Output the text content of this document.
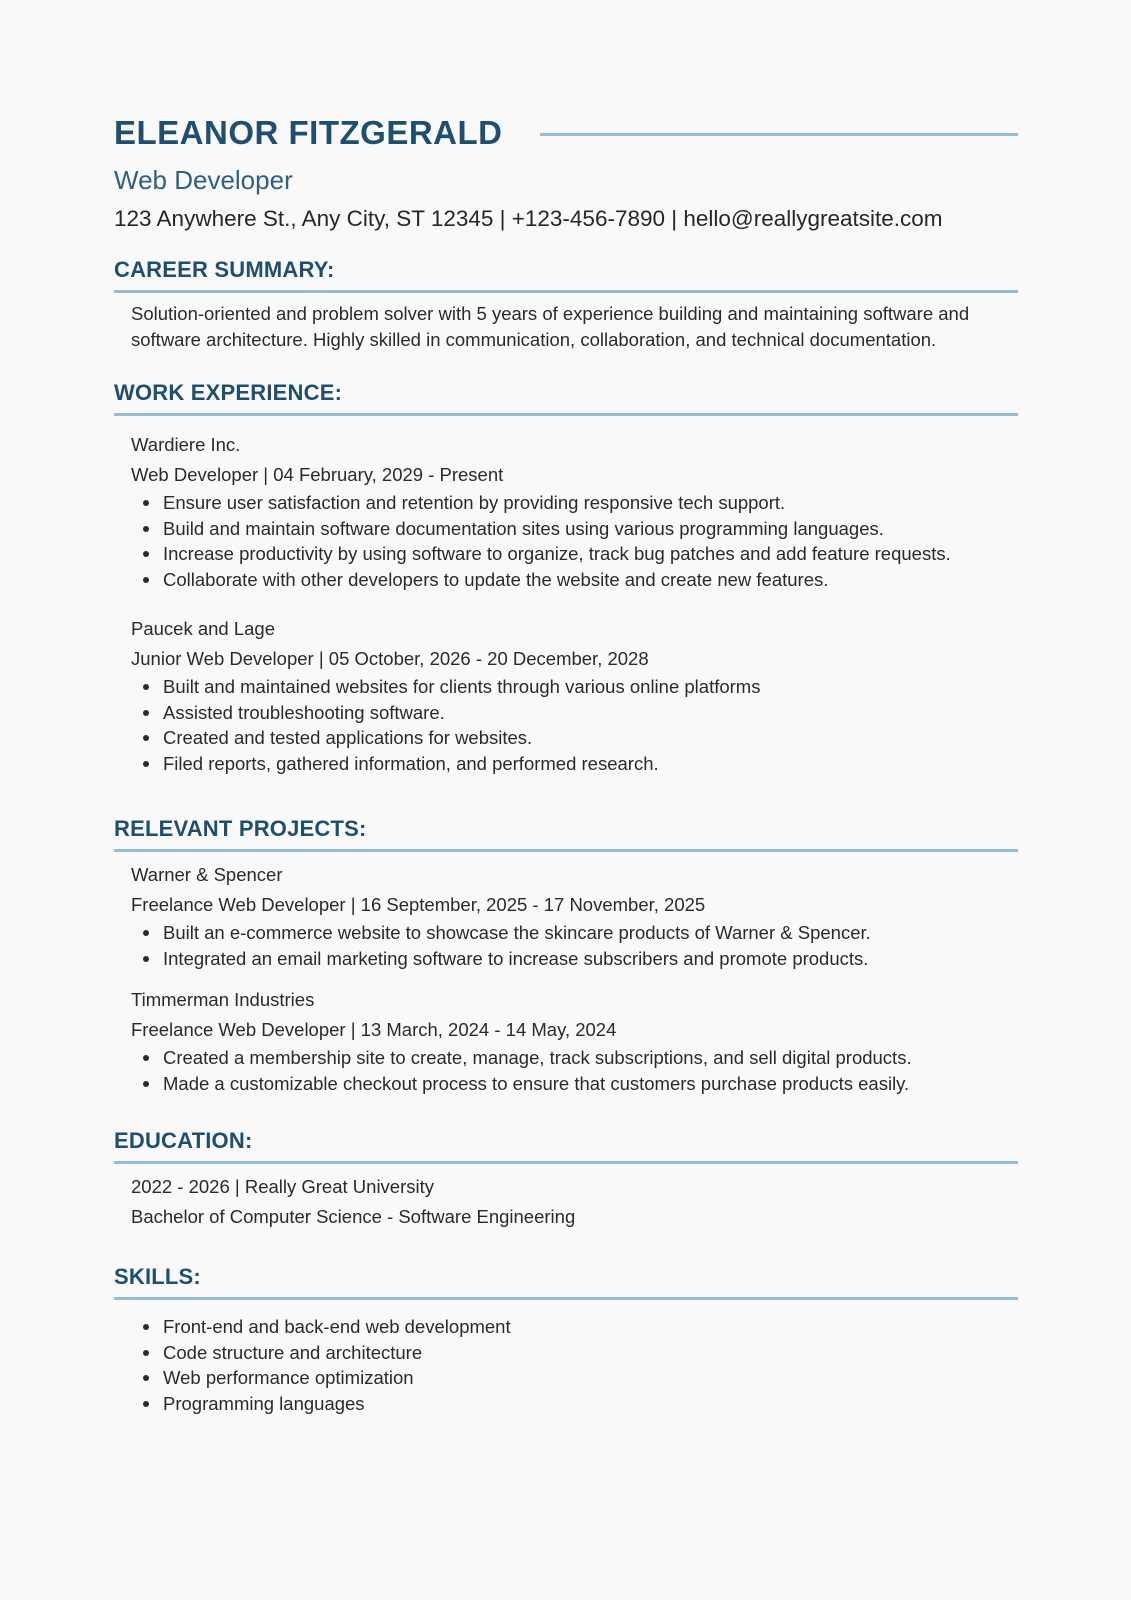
ELEANOR FITZGERALD
Web Developer
123 Anywhere St., Any City, ST 12345 | +123-456-7890 | hello@reallygreatsite.com
CAREER SUMMARY:

Solution-oriented and problem solver with 5 years of experience building and maintaining software and software architecture. Highly skilled in communication, collaboration, and technical documentation.

WORK EXPERIENCE:

Wardiere Inc.

Web Developer | 04 February, 2029 - Present

Ensure user satisfaction and retention by providing responsive tech support.
Build and maintain software documentation sites using various programming languages.
Increase productivity by using software to organize, track bug patches and add feature requests.
Collaborate with other developers to update the website and create new features.

Paucek and Lage

Junior Web Developer | 05 October, 2026 - 20 December, 2028

Built and maintained websites for clients through various online platforms
Assisted troubleshooting software.
Created and tested applications for websites.
Filed reports, gathered information, and performed research.
RELEVANT PROJECTS:

Warner & Spencer

Freelance Web Developer | 16 September, 2025 - 17 November, 2025

Built an e-commerce website to showcase the skincare products of Warner & Spencer.
Integrated an email marketing software to increase subscribers and promote products.

Timmerman Industries

Freelance Web Developer | 13 March, 2024 - 14 May, 2024

Created a membership site to create, manage, track subscriptions, and sell digital products.
Made a customizable checkout process to ensure that customers purchase products easily.
EDUCATION:

2022 - 2026 | Really Great University

Bachelor of Computer Science - Software Engineering

SKILLS:
Front-end and back-end web development
Code structure and architecture
Web performance optimization
Programming languages
